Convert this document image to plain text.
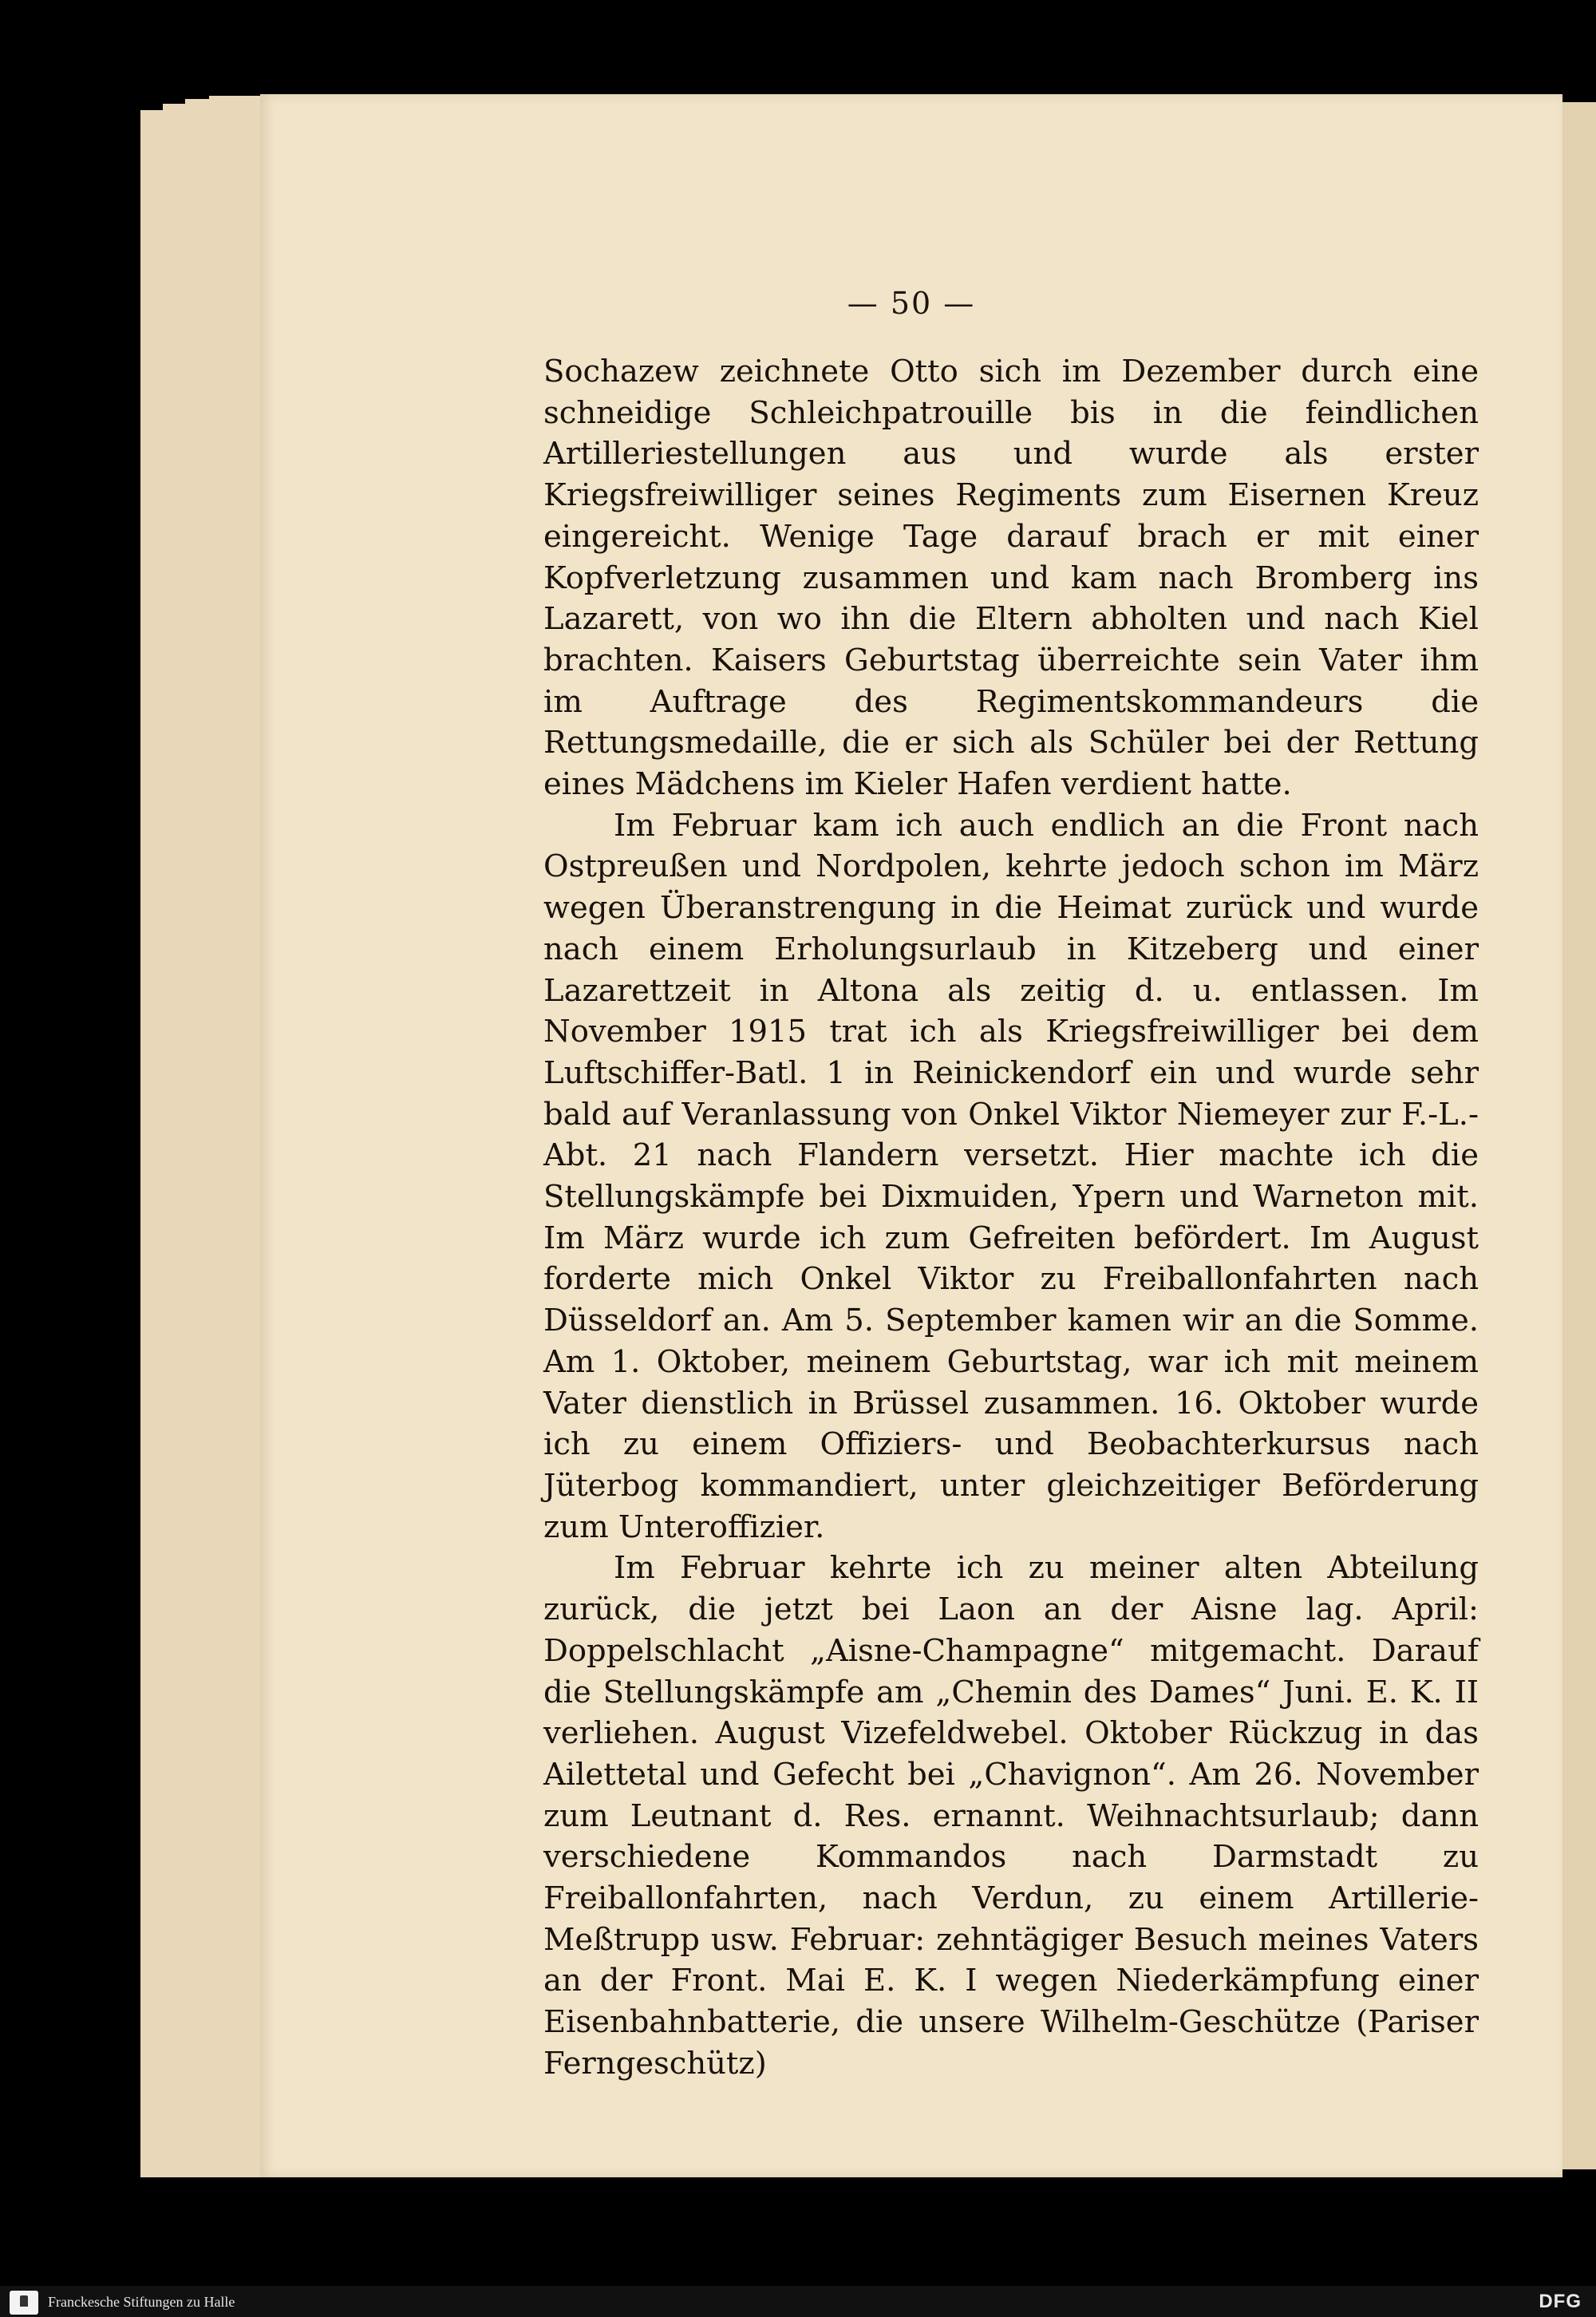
— 50 —

Sochazew zeichnete Otto sich im Dezember durch eine schneidige Schleichpatrouille bis in die feindlichen Artilleriestellungen aus und wurde als erster Kriegsfreiwilliger seines Regiments zum Eisernen Kreuz eingereicht. Wenige Tage darauf brach er mit einer Kopfverletzung zusammen und kam nach Bromberg ins Lazarett, von wo ihn die Eltern abholten und nach Kiel brachten. Kaisers Geburtstag überreichte sein Vater ihm im Auftrage des Regimentskommandeurs die Rettungsmedaille, die er sich als Schüler bei der Rettung eines Mädchens im Kieler Hafen verdient hatte.

Im Februar kam ich auch endlich an die Front nach Ostpreußen und Nordpolen, kehrte jedoch schon im März wegen Überanstrengung in die Heimat zurück und wurde nach einem Erholungsurlaub in Kitzeberg und einer Lazarettzeit in Altona als zeitig d. u. entlassen. Im November 1915 trat ich als Kriegsfreiwilliger bei dem Luftschiffer-Batl. 1 in Reinickendorf ein und wurde sehr bald auf Veranlassung von Onkel Viktor Niemeyer zur F.-L.-Abt. 21 nach Flandern versetzt. Hier machte ich die Stellungskämpfe bei Dixmuiden, Ypern und Warneton mit. Im März wurde ich zum Gefreiten befördert. Im August forderte mich Onkel Viktor zu Freiballonfahrten nach Düsseldorf an. Am 5. September kamen wir an die Somme. Am 1. Oktober, meinem Geburtstag, war ich mit meinem Vater dienstlich in Brüssel zusammen. 16. Oktober wurde ich zu einem Offiziers- und Beobachterkursus nach Jüterbog kommandiert, unter gleichzeitiger Beförderung zum Unteroffizier.

Im Februar kehrte ich zu meiner alten Abteilung zurück, die jetzt bei Laon an der Aisne lag. April: Doppelschlacht „Aisne-Champagne“ mitgemacht. Darauf die Stellungskämpfe am „Chemin des Dames“ Juni. E. K. II verliehen. August Vizefeldwebel. Oktober Rückzug in das Ailettetal und Gefecht bei „Chavignon“. Am 26. November zum Leutnant d. Res. ernannt. Weihnachtsurlaub; dann verschiedene Kommandos nach Darmstadt zu Freiballonfahrten, nach Verdun, zu einem Artillerie-Meßtrupp usw. Februar: zehntägiger Besuch meines Vaters an der Front. Mai E. K. I wegen Niederkämpfung einer Eisenbahnbatterie, die unsere Wilhelm-Geschütze (Pariser Ferngeschütz)

Franckesche Stiftungen zu Halle	DFG
